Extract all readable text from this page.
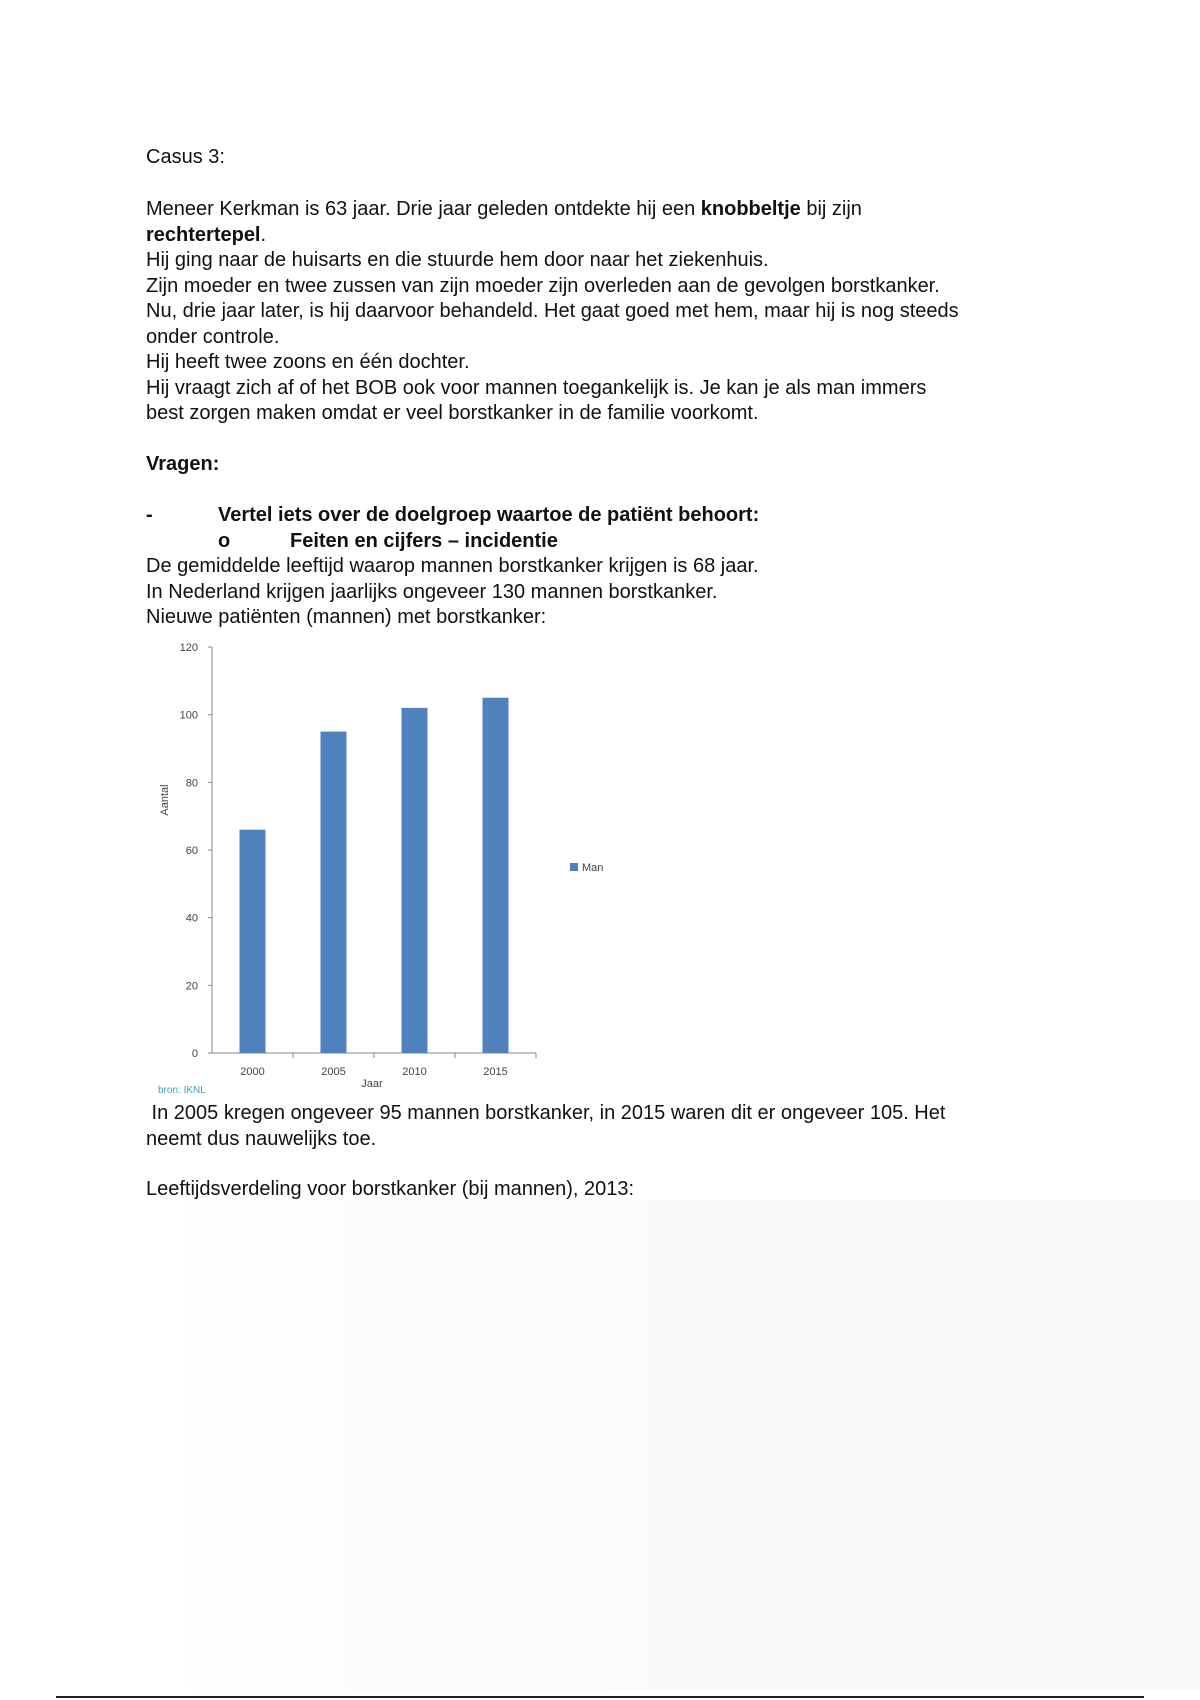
Casus 3:

Meneer Kerkman is 63 jaar. Drie jaar geleden ontdekte hij een knobbeltje bij zijn

rechtertepel.

Hij ging naar de huisarts en die stuurde hem door naar het ziekenhuis.

Zijn moeder en twee zussen van zijn moeder zijn overleden aan de gevolgen borstkanker.

Nu, drie jaar later, is hij daarvoor behandeld. Het gaat goed met hem, maar hij is nog steeds

onder controle.

Hij heeft twee zoons en één dochter.

Hij vraagt zich af of het BOB ook voor mannen toegankelijk is. Je kan je als man immers

best zorgen maken omdat er veel borstkanker in de familie voorkomt.

Vragen:

-	Vertel iets over de doelgroep waartoe de patiënt behoort:
o	Feiten en cijfers – incidentie

De gemiddelde leeftijd waarop mannen borstkanker krijgen is 68 jaar.

In Nederland krijgen jaarlijks ongeveer 130 mannen borstkanker.

Nieuwe patiënten (mannen) met borstkanker:

0
20
40
60
80
100
120
2000	2005	2010	2015
Jaar
Aantal
Man
bron: IKNL

In 2005 kregen ongeveer 95 mannen borstkanker, in 2015 waren dit er ongeveer 105. Het

neemt dus nauwelijks toe.

Leeftijdsverdeling voor borstkanker (bij mannen), 2013:
